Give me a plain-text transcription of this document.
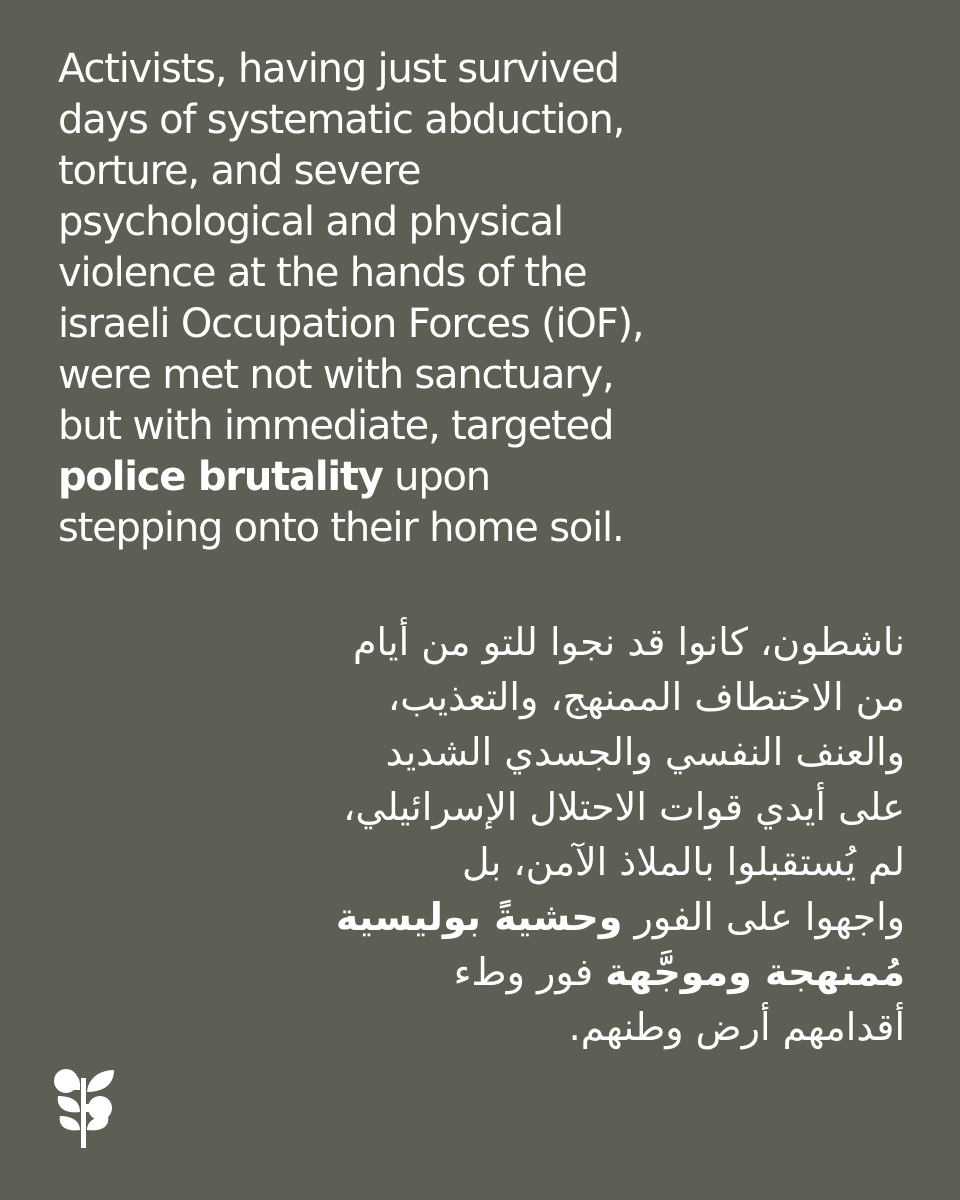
Activists, having just survived
days of systematic abduction,
torture, and severe
psychological and physical
violence at the hands of the
israeli Occupation Forces (iOF),
were met not with sanctuary,
but with immediate, targeted
police brutality upon
stepping onto their home soil.
ناشطون، كانوا قد نجوا للتو من أيام
من الاختطاف الممنهج، والتعذيب،
والعنف النفسي والجسدي الشديد
على أيدي قوات الاحتلال الإسرائيلي،
لم يُستقبلوا بالملاذ الآمن، بل
واجهوا على الفور وحشيةً بوليسية
مُمنهجة وموجَّهة فور وطء
أقدامهم أرض وطنهم.
